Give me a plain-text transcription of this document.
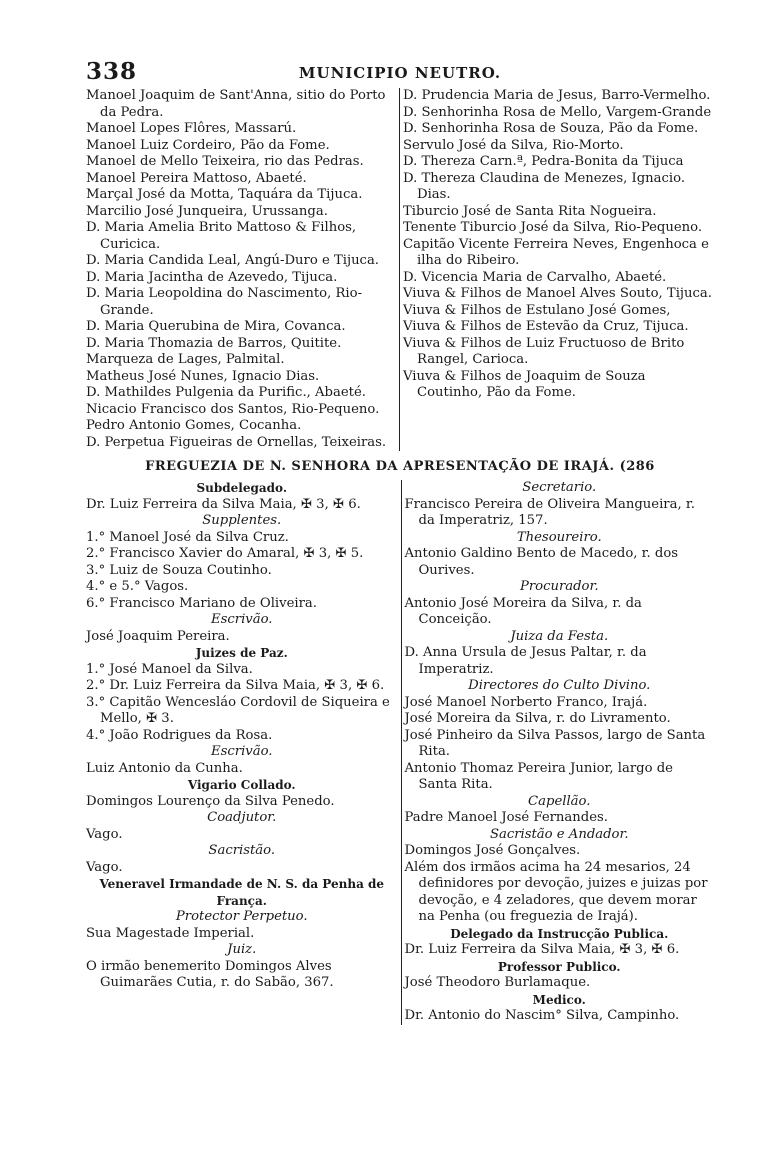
338	MUNICIPIO NEUTRO.
Manoel Joaquim de Sant'Anna, sitio do Porto da Pedra.
Manoel Lopes Flôres, Massarú.
Manoel Luiz Cordeiro, Pão da Fome.
Manoel de Mello Teixeira, rio das Pedras.
Manoel Pereira Mattoso, Abaeté.
Marçal José da Motta, Taquára da Tijuca.
Marcilio José Junqueira, Urussanga.
D. Maria Amelia Brito Mattoso & Filhos, Curicica.
D. Maria Candida Leal, Angú-Duro e Tijuca.
D. Maria Jacintha de Azevedo, Tijuca.
D. Maria Leopoldina do Nascimento, Rio-Grande.
D. Maria Querubina de Mira, Covanca.
D. Maria Thomazia de Barros, Quitite.
Marqueza de Lages, Palmital.
Matheus José Nunes, Ignacio Dias.
D. Mathildes Pulgenia da Purific., Abaeté.
Nicacio Francisco dos Santos, Rio-Pequeno.
Pedro Antonio Gomes, Cocanha.
D. Perpetua Figueiras de Ornellas, Teixeiras.
D. Prudencia Maria de Jesus, Barro-Vermelho.
D. Senhorinha Rosa de Mello, Vargem-Grande
D. Senhorinha Rosa de Souza, Pão da Fome.
Servulo José da Silva, Rio-Morto.
D. Thereza Carn.ª, Pedra-Bonita da Tijuca
D. Thereza Claudina de Menezes, Ignacio. Dias.
Tiburcio José de Santa Rita Nogueira.
Tenente Tiburcio José da Silva, Rio-Pequeno.
Capitão Vicente Ferreira Neves, Engenhoca e ilha do Ribeiro.
D. Vicencia Maria de Carvalho, Abaeté.
Viuva & Filhos de Manoel Alves Souto, Tijuca.
Viuva & Filhos de Estulano José Gomes,
Viuva & Filhos de Estevão da Cruz, Tijuca.
Viuva & Filhos de Luiz Fructuoso de Brito Rangel, Carioca.
Viuva & Filhos de Joaquim de Souza Coutinho, Pão da Fome.
FREGUEZIA DE N. SENHORA DA APRESENTAÇÃO DE IRAJÁ. (286
Subdelegado.
Dr. Luiz Ferreira da Silva Maia, ✠ 3, ✠ 6.
Supplentes.
1.° Manoel José da Silva Cruz.
2.° Francisco Xavier do Amaral, ✠ 3, ✠ 5.
3.° Luiz de Souza Coutinho.
4.° e 5.° Vagos.
6.° Francisco Mariano de Oliveira.
Escrivão.
José Joaquim Pereira.
Juizes de Paz.
1.° José Manoel da Silva.
2.° Dr. Luiz Ferreira da Silva Maia, ✠ 3, ✠ 6.
3.° Capitão Wencesláo Cordovil de Siqueira e Mello, ✠ 3.
4.° João Rodrigues da Rosa.
Escrivão.
Luiz Antonio da Cunha.
Vigario Collado.
Domingos Lourenço da Silva Penedo.
Coadjutor.
Vago.
Sacristão.
Vago.
Veneravel Irmandade de N. S. da Penha de França.
Protector Perpetuo.
Sua Magestade Imperial.
Juiz.
O irmão benemerito Domingos Alves Guimarães Cutia, r. do Sabão, 367.
Secretario.
Francisco Pereira de Oliveira Mangueira, r. da Imperatriz, 157.
Thesoureiro.
Antonio Galdino Bento de Macedo, r. dos Ourives.
Procurador.
Antonio José Moreira da Silva, r. da Conceição.
Juiza da Festa.
D. Anna Ursula de Jesus Paltar, r. da Imperatriz.
Directores do Culto Divino.
José Manoel Norberto Franco, Irajá.
José Moreira da Silva, r. do Livramento.
José Pinheiro da Silva Passos, largo de Santa Rita.
Antonio Thomaz Pereira Junior, largo de Santa Rita.
Capellão.
Padre Manoel José Fernandes.
Sacristão e Andador.
Domingos José Gonçalves.
Além dos irmãos acima ha 24 mesarios, 24 definidores por devoção, juizes e juizas por devoção, e 4 zeladores, que devem morar na Penha (ou freguezia de Irajá).
Delegado da Instrucção Publica.
Dr. Luiz Ferreira da Silva Maia, ✠ 3, ✠ 6.
Professor Publico.
José Theodoro Burlamaque.
Medico.
Dr. Antonio do Nascim° Silva, Campinho.
